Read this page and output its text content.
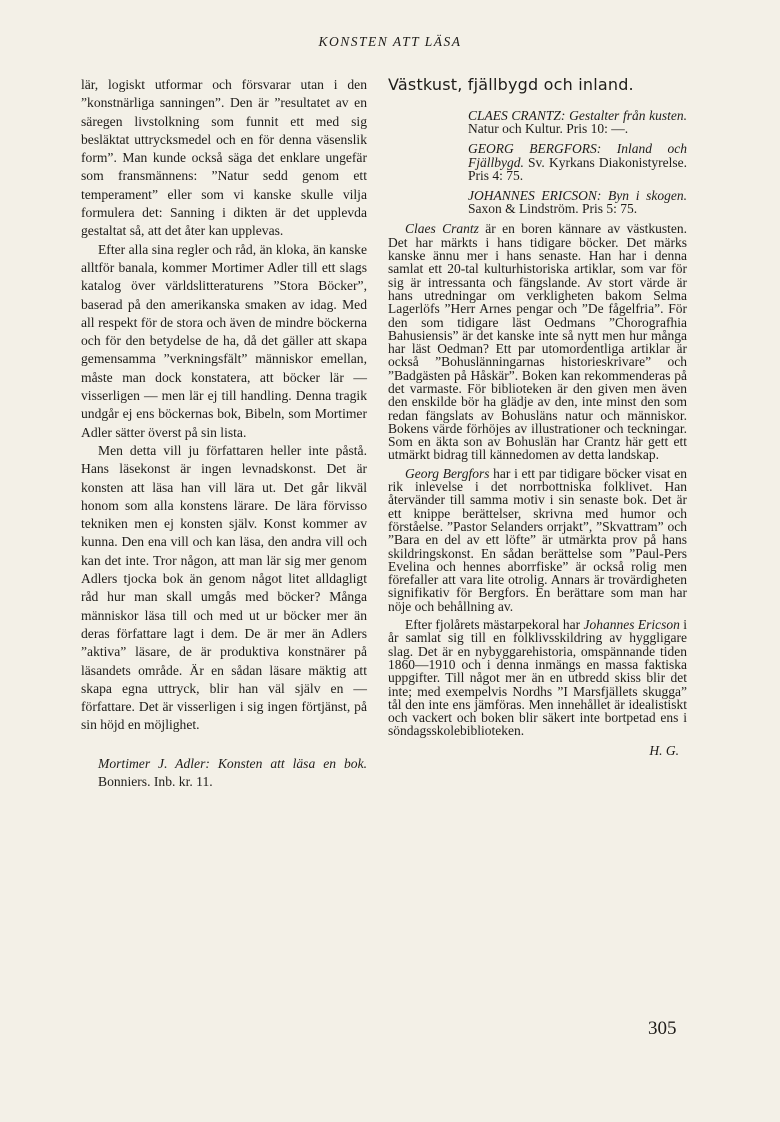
KONSTEN ATT LÄSA

lär, logiskt utformar och försvarar utan i den ”konstnärliga sanningen”. Den är ”resultatet av en säregen livstolkning som funnit ett med sig besläktat uttrycksmedel och en för denna väsenslik form”. Man kunde också säga det enklare ungefär som fransmännens: ”Natur sedd genom ett temperament” eller som vi kanske skulle vilja formulera det: Sanning i dikten är det upplevda gestaltat så, att det åter kan upplevas.

Efter alla sina regler och råd, än kloka, än kanske alltför banala, kommer Mortimer Adler till ett slags katalog över världslitteraturens ”Stora Böcker”, baserad på den amerikanska smaken av idag. Med all respekt för de stora och även de mindre böckerna och för den betydelse de ha, då det gäller att skapa gemensamma ”verkningsfält” människor emellan, måste man dock konstatera, att böcker lär — visserligen — men lär ej till handling. Denna tragik undgår ej ens böckernas bok, Bibeln, som Mortimer Adler sätter överst på sin lista.

Men detta vill ju författaren heller inte påstå. Hans läsekonst är ingen levnadskonst. Det är konsten att läsa han vill lära ut. Det går likväl honom som alla konstens lärare. De lära förvisso tekniken men ej konsten själv. Konst kommer av kunna. Den ena vill och kan läsa, den andra vill och kan det inte. Tror någon, att man lär sig mer genom Adlers tjocka bok än genom något litet alldagligt råd hur man skall umgås med böcker? Många människor läsa till och med ut ur böcker mer än deras författare lagt i dem. De är mer än Adlers ”aktiva” läsare, de är produktiva konstnärer på läsandets område. Är en sådan läsare mäktig att skapa egna uttryck, blir han väl själv en — författare. Det är visserligen i sig ingen förtjänst, på sin höjd en möjlighet.

Mortimer J. Adler: Konsten att läsa en bok. Bonniers. Inb. kr. 11.

Västkust, fjällbygd och inland.
CLAES CRANTZ: Gestalter från kusten. Natur och Kultur. Pris 10: —.
GEORG BERGFORS: Inland och Fjällbygd. Sv. Kyrkans Diakonistyrelse. Pris 4: 75.
JOHANNES ERICSON: Byn i skogen. Saxon & Lindström. Pris 5: 75.

Claes Crantz är en boren kännare av västkusten. Det har märkts i hans tidigare böcker. Det märks kanske ännu mer i hans senaste. Han har i denna samlat ett 20-tal kulturhistoriska artiklar, som var för sig är intressanta och fängslande. Av stort värde är hans utredningar om verkligheten bakom Selma Lagerlöfs ”Herr Arnes pengar och ”De fågelfria”. För den som tidigare läst Oedmans ”Chorografhia Bahusiensis” är det kanske inte så nytt men hur många har läst Oedman? Ett par utomordentliga artiklar är också ”Bohuslänningarnas historieskrivare” och ”Badgästen på Håskär”. Boken kan rekommenderas på det varmaste. För biblioteken är den given men även den enskilde bör ha glädje av den, inte minst den som redan fängslats av Bohusläns natur och människor. Bokens värde förhöjes av illustrationer och teckningar. Som en äkta son av Bohuslän har Crantz här gett ett utmärkt bidrag till kännedomen av detta landskap.

Georg Bergfors har i ett par tidigare böcker visat en rik inlevelse i det norrbottniska folklivet. Han återvänder till samma motiv i sin senaste bok. Det är ett knippe berättelser, skrivna med humor och förståelse. ”Pastor Selanders orrjakt”, ”Skvattram” och ”Bara en del av ett löfte” är utmärkta prov på hans skildringskonst. En sådan berättelse som ”Paul-Pers Evelina och hennes aborrfiske” är också rolig men förefaller att vara lite otrolig. Annars är trovärdigheten signifikativ för Bergfors. En berättare som man har nöje och behållning av.

Efter fjolårets mästarpekoral har Johannes Ericson i år samlat sig till en folklivsskildring av hyggligare slag. Det är en nybyggarehistoria, omspännande tiden 1860—1910 och i denna inmängs en massa faktiska uppgifter. Till något mer än en utbredd skiss blir det inte; med exempelvis Nordhs ”I Marsfjällets skugga” tål den inte ens jämföras. Men innehållet är idealistiskt och vackert och boken blir säkert inte bortpetad ens i söndagsskolebiblioteken.

H. G.
305
